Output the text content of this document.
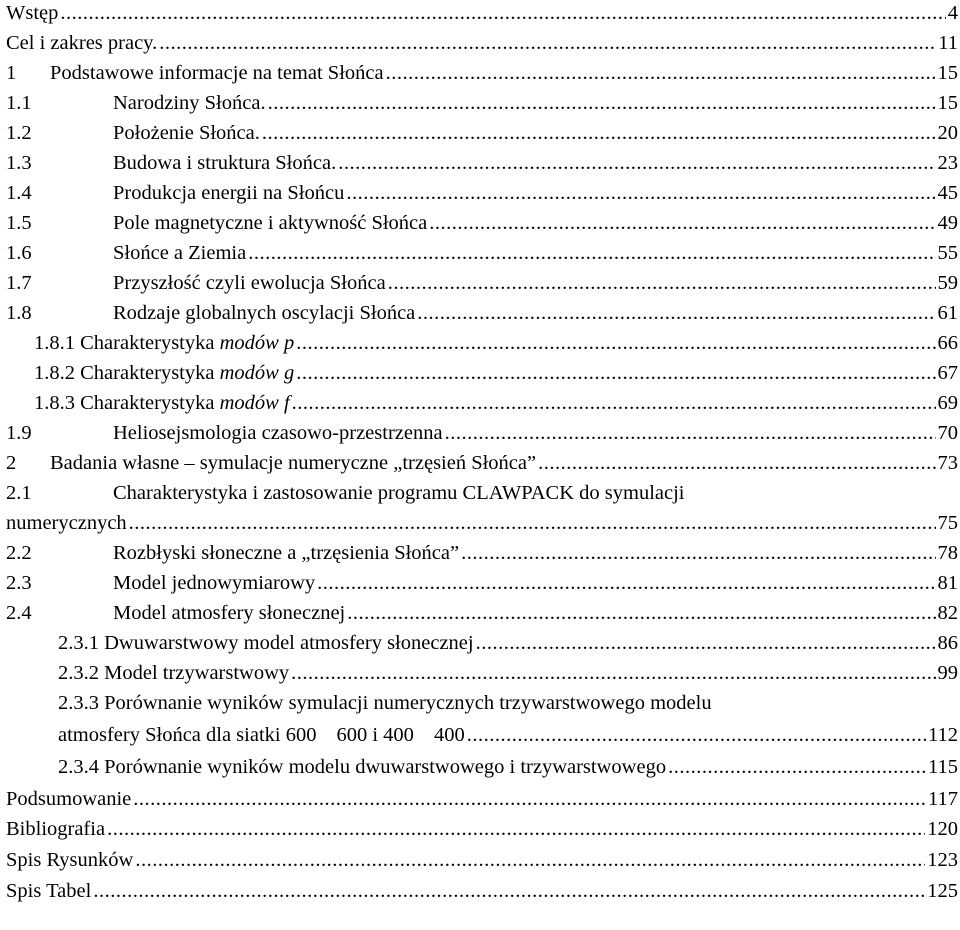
Wstęp .....	4
Cel i zakres pracy. .....	11
1	Podstawowe informacje na temat Słońca .....	15
1.1	Narodziny Słońca. .....	15
1.2	Położenie Słońca. .....	20
1.3	Budowa i struktura Słońca. .....	23
1.4	Produkcja energii na Słońcu .....	45
1.5	Pole magnetyczne i aktywność Słońca .....	49
1.6	Słońce a Ziemia .....	55
1.7	Przyszłość czyli ewolucja Słońca .....	59
1.8	Rodzaje globalnych oscylacji Słońca .....	61
1.8.1 Charakterystyka modów p .....	66
1.8.2 Charakterystyka modów g .....	67
1.8.3 Charakterystyka modów f .....	69
1.9	Heliosejsmologia czasowo-przestrzenna .....	70
2	Badania własne – symulacje numeryczne „trzęsień Słońca” .....	73
2.1	Charakterystyka i zastosowanie programu CLAWPACK do symulacji
numerycznych .....	75
2.2	Rozbłyski słoneczne a „trzęsienia Słońca” .....	78
2.3	Model jednowymiarowy .....	81
2.4	Model atmosfery słonecznej .....	82
2.3.1 Dwuwarstwowy model atmosfery słonecznej .....	86
2.3.2 Model trzywarstwowy .....	99
2.3.3 Porównanie wyników symulacji numerycznych trzywarstwowego modelu
atmosfery Słońca dla siatki 600 600 i 400 400 .....	112
2.3.4 Porównanie wyników modelu dwuwarstwowego i trzywarstwowego .....	115
Podsumowanie .....	117
Bibliografia .....	120
Spis Rysunków .....	123
Spis Tabel .....	125
